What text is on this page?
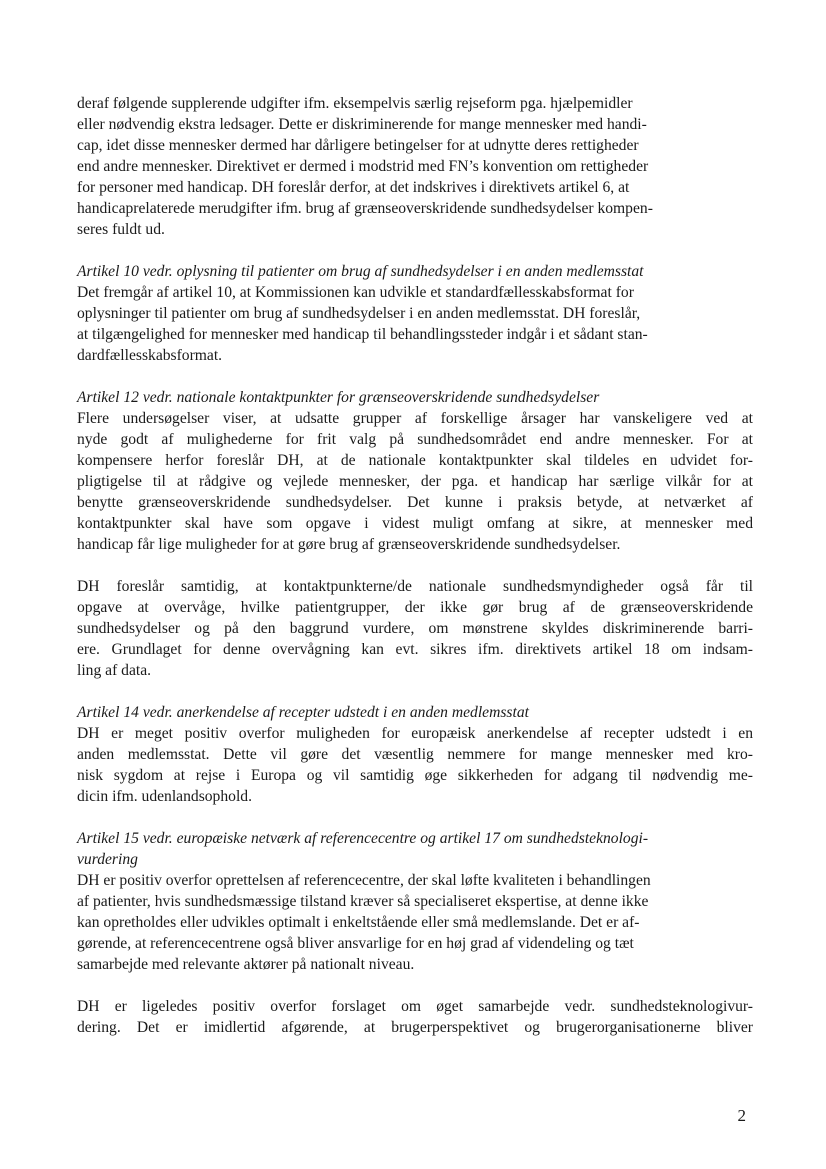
deraf følgende supplerende udgifter ifm. eksempelvis særlig rejseform pga. hjælpemidler
eller nødvendig ekstra ledsager. Dette er diskriminerende for mange mennesker med handi-
cap, idet disse mennesker dermed har dårligere betingelser for at udnytte deres rettigheder
end andre mennesker. Direktivet er dermed i modstrid med FN’s konvention om rettigheder
for personer med handicap. DH foreslår derfor, at det indskrives i direktivets artikel 6, at
handicaprelaterede merudgifter ifm. brug af grænseoverskridende sundhedsydelser kompen-
seres fuldt ud.

Artikel 10 vedr. oplysning til patienter om brug af sundhedsydelser i en anden medlemsstat

Det fremgår af artikel 10, at Kommissionen kan udvikle et standardfællesskabsformat for
oplysninger til patienter om brug af sundhedsydelser i en anden medlemsstat. DH foreslår,
at tilgængelighed for mennesker med handicap til behandlingssteder indgår i et sådant stan-
dardfællesskabsformat.

Artikel 12 vedr. nationale kontaktpunkter for grænseoverskridende sundhedsydelser

Flere undersøgelser viser, at udsatte grupper af forskellige årsager har vanskeligere ved at
nyde godt af mulighederne for frit valg på sundhedsområdet end andre mennesker. For at
kompensere herfor foreslår DH, at de nationale kontaktpunkter skal tildeles en udvidet for-
pligtigelse til at rådgive og vejlede mennesker, der pga. et handicap har særlige vilkår for at
benytte grænseoverskridende sundhedsydelser. Det kunne i praksis betyde, at netværket af
kontaktpunkter skal have som opgave i videst muligt omfang at sikre, at mennesker med
handicap får lige muligheder for at gøre brug af grænseoverskridende sundhedsydelser.

DH foreslår samtidig, at kontaktpunkterne/de nationale sundhedsmyndigheder også får til
opgave at overvåge, hvilke patientgrupper, der ikke gør brug af de grænseoverskridende
sundhedsydelser og på den baggrund vurdere, om mønstrene skyldes diskriminerende barri-
ere. Grundlaget for denne overvågning kan evt. sikres ifm. direktivets artikel 18 om indsam-
ling af data.

Artikel 14 vedr. anerkendelse af recepter udstedt i en anden medlemsstat

DH er meget positiv overfor muligheden for europæisk anerkendelse af recepter udstedt i en
anden medlemsstat. Dette vil gøre det væsentlig nemmere for mange mennesker med kro-
nisk sygdom at rejse i Europa og vil samtidig øge sikkerheden for adgang til nødvendig me-
dicin ifm. udenlandsophold.

Artikel 15 vedr. europæiske netværk af referencecentre og artikel 17 om sundhedsteknologi-
vurdering

DH er positiv overfor oprettelsen af referencecentre, der skal løfte kvaliteten i behandlingen
af patienter, hvis sundhedsmæssige tilstand kræver så specialiseret ekspertise, at denne ikke
kan opretholdes eller udvikles optimalt i enkeltstående eller små medlemslande. Det er af-
gørende, at referencecentrene også bliver ansvarlige for en høj grad af videndeling og tæt
samarbejde med relevante aktører på nationalt niveau.

DH er ligeledes positiv overfor forslaget om øget samarbejde vedr. sundhedsteknologivur-
dering. Det er imidlertid afgørende, at brugerperspektivet og brugerorganisationerne bliver

2
